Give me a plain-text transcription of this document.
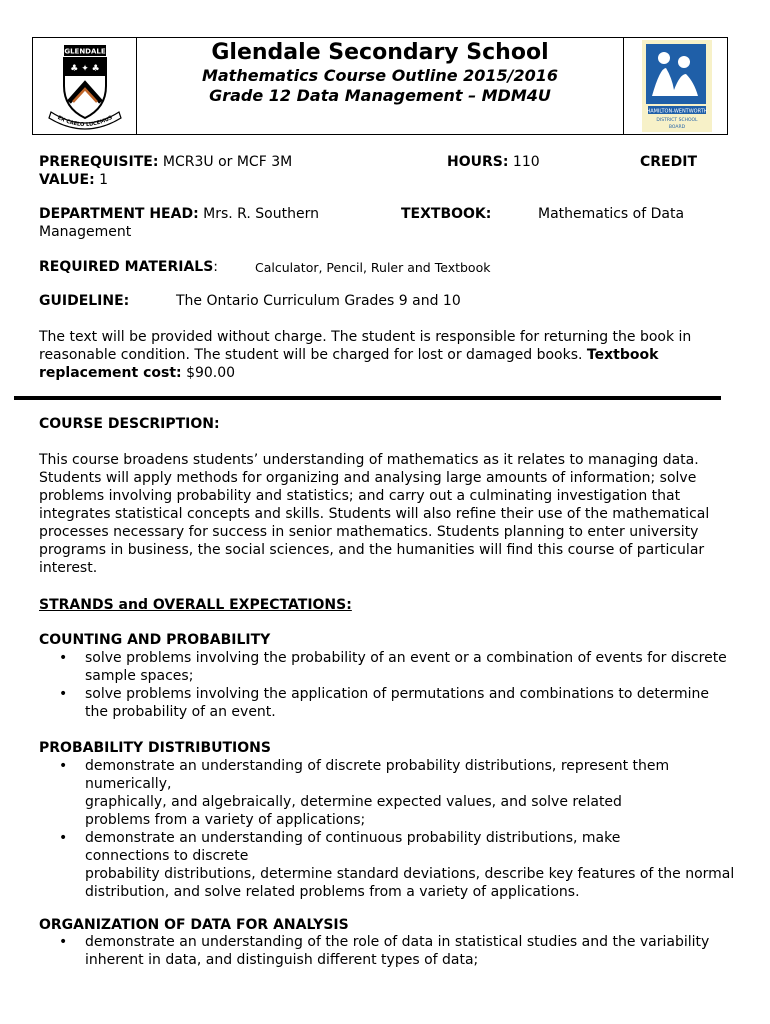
GLENDALE
♣ ✦ ♣
EX CAELO LUCEMUS
Glendale Secondary School
Mathematics Course Outline 2015/2016
Grade 12 Data Management – MDM4U
HAMILTON-WENTWORTH
DISTRICT SCHOOL
BOARD
PREREQUISITE: MCR3U or MCF 3M	HOURS: 110	CREDIT
VALUE: 1
DEPARTMENT HEAD: Mrs. R. Southern	TEXTBOOK:	Mathematics of Data
Management
REQUIRED MATERIALS:	Calculator, Pencil, Ruler and Textbook
GUIDELINE:	The Ontario Curriculum Grades 9 and 10
The text will be provided without charge. The student is responsible for returning the book in reasonable condition. The student will be charged for lost or damaged books. Textbook replacement cost: $90.00
COURSE DESCRIPTION:
This course broadens students’ understanding of mathematics as it relates to managing data. Students will apply methods for organizing and analysing large amounts of information; solve problems involving probability and statistics; and carry out a culminating investigation that integrates statistical concepts and skills. Students will also refine their use of the mathematical processes necessary for success in senior mathematics. Students planning to enter university programs in business, the social sciences, and the humanities will find this course of particular interest.
STRANDS and OVERALL EXPECTATIONS:
COUNTING AND PROBABILITY
• solve problems involving the probability of an event or a combination of events for discrete sample spaces;
• solve problems involving the application of permutations and combinations to determine the probability of an event.
PROBABILITY DISTRIBUTIONS
• demonstrate an understanding of discrete probability distributions, represent them numerically,
graphically, and algebraically, determine expected values, and solve related problems from a variety of applications;
• demonstrate an understanding of continuous probability distributions, make connections to discrete
probability distributions, determine standard deviations, describe key features of the normal distribution, and solve related problems from a variety of applications.
ORGANIZATION OF DATA FOR ANALYSIS
• demonstrate an understanding of the role of data in statistical studies and the variability inherent in data, and distinguish different types of data;
